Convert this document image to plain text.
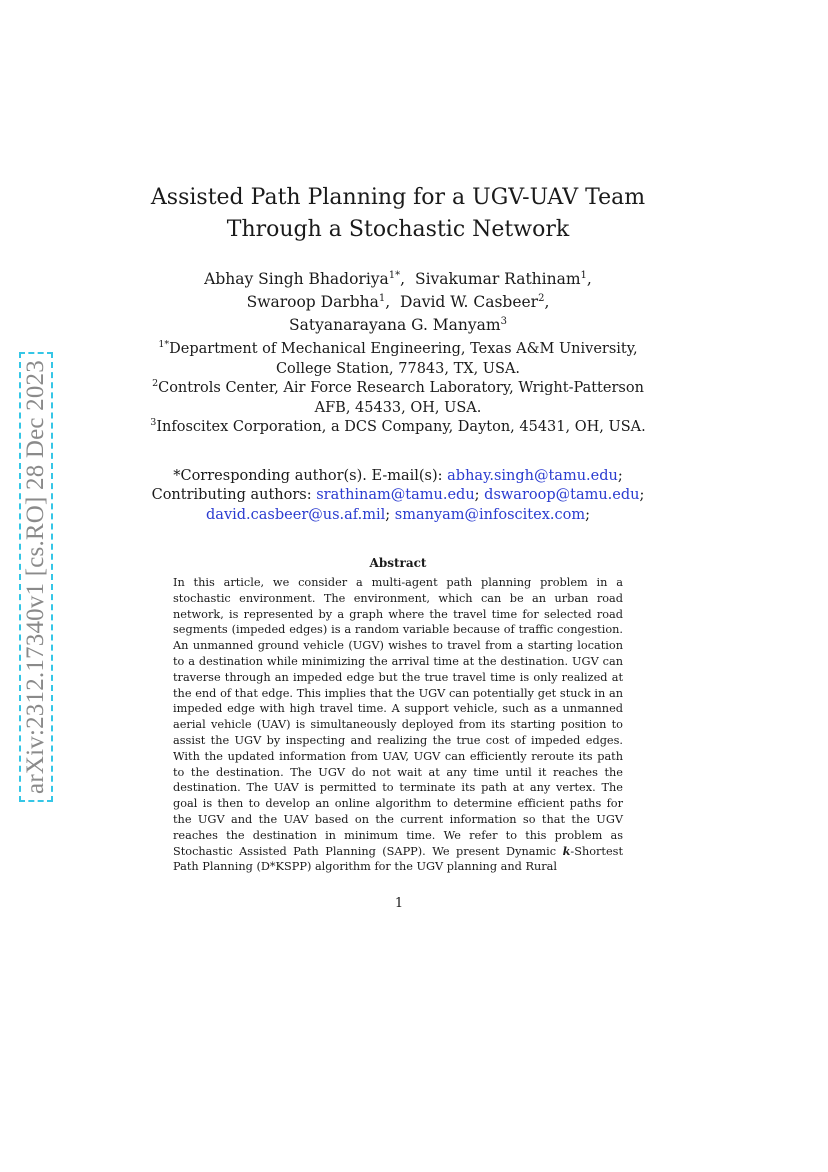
arXiv:2312.17340v1 [cs.RO] 28 Dec 2023
Assisted Path Planning for a UGV-UAV Team
Through a Stochastic Network
Abhay Singh Bhadoriya$^{1*}$,  Sivakumar Rathinam$^1$,
Swaroop Darbha$^1$,  David W. Casbeer$^2$,
Satyanarayana G. Manyam$^3$
$^{1*}$Department of Mechanical Engineering, Texas A&M University,
College Station, 77843, TX, USA.
$^2$Controls Center, Air Force Research Laboratory, Wright-Patterson
AFB, 45433, OH, USA.
$^3$Infoscitex Corporation, a DCS Company, Dayton, 45431, OH, USA.
*Corresponding author(s). E-mail(s): abhay.singh@tamu.edu;
Contributing authors: srathinam@tamu.edu; dswaroop@tamu.edu;
david.casbeer@us.af.mil; smanyam@infoscitex.com;
Abstract

In this article, we consider a multi-agent path planning problem in a stochastic environment. The environment, which can be an urban road network, is represented by a graph where the travel time for selected road segments (impeded edges) is a random variable because of traffic congestion. An unmanned ground vehicle (UGV) wishes to travel from a starting location to a destination while minimizing the arrival time at the destination. UGV can traverse through an impeded edge but the true travel time is only realized at the end of that edge. This implies that the UGV can potentially get stuck in an impeded edge with high travel time. A support vehicle, such as a unmanned aerial vehicle (UAV) is simultaneously deployed from its starting position to assist the UGV by inspecting and realizing the true cost of impeded edges. With the updated information from UAV, UGV can efficiently reroute its path to the destination. The UGV do not wait at any time until it reaches the destination. The UAV is permitted to terminate its path at any vertex. The goal is then to develop an online algorithm to determine efficient paths for the UGV and the UAV based on the current information so that the UGV reaches the destination in minimum time. We refer to this problem as Stochastic Assisted Path Planning (SAPP). We present Dynamic k-Shortest Path Planning (D*KSPP) algorithm for the UGV planning and Rural

1
